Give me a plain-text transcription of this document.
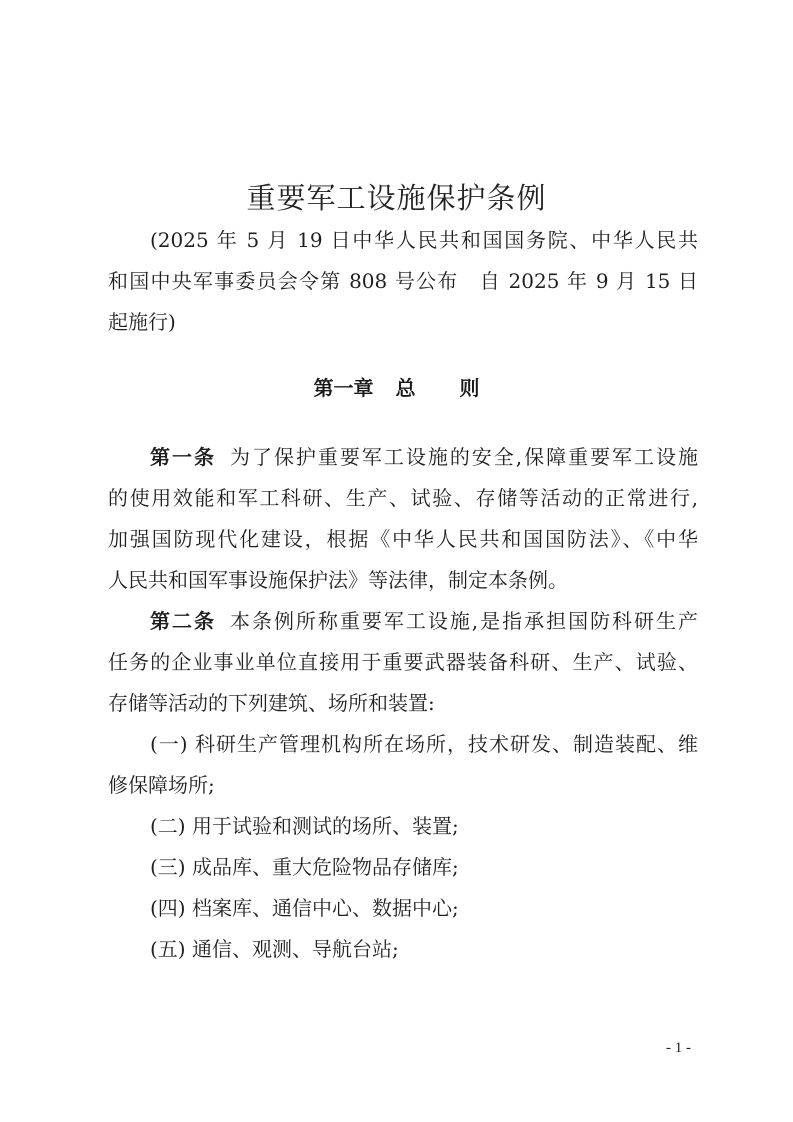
重要军工设施保护条例
(2025 年 5 月 19 日中华人民共和国国务院、中华人民共
和国中央军事委员会令第 808 号公布　自 2025 年 9 月 15 日
起施行)
第一章 总 则
第一条 为了保护重要军工设施的安全,保障重要军工设施
的使用效能和军工科研、生产、试验、存储等活动的正常进行,
加强国防现代化建设，根据《中华人民共和国国防法》、《中华
人民共和国军事设施保护法》等法律，制定本条例。
第二条 本条例所称重要军工设施,是指承担国防科研生产
任务的企业事业单位直接用于重要武器装备科研、生产、试验、
存储等活动的下列建筑、场所和装置:
(一) 科研生产管理机构所在场所，技术研发、制造装配、维
修保障场所;
(二) 用于试验和测试的场所、装置;
(三) 成品库、重大危险物品存储库;
(四) 档案库、通信中心、数据中心;
(五) 通信、观测、导航台站;
- 1 -
